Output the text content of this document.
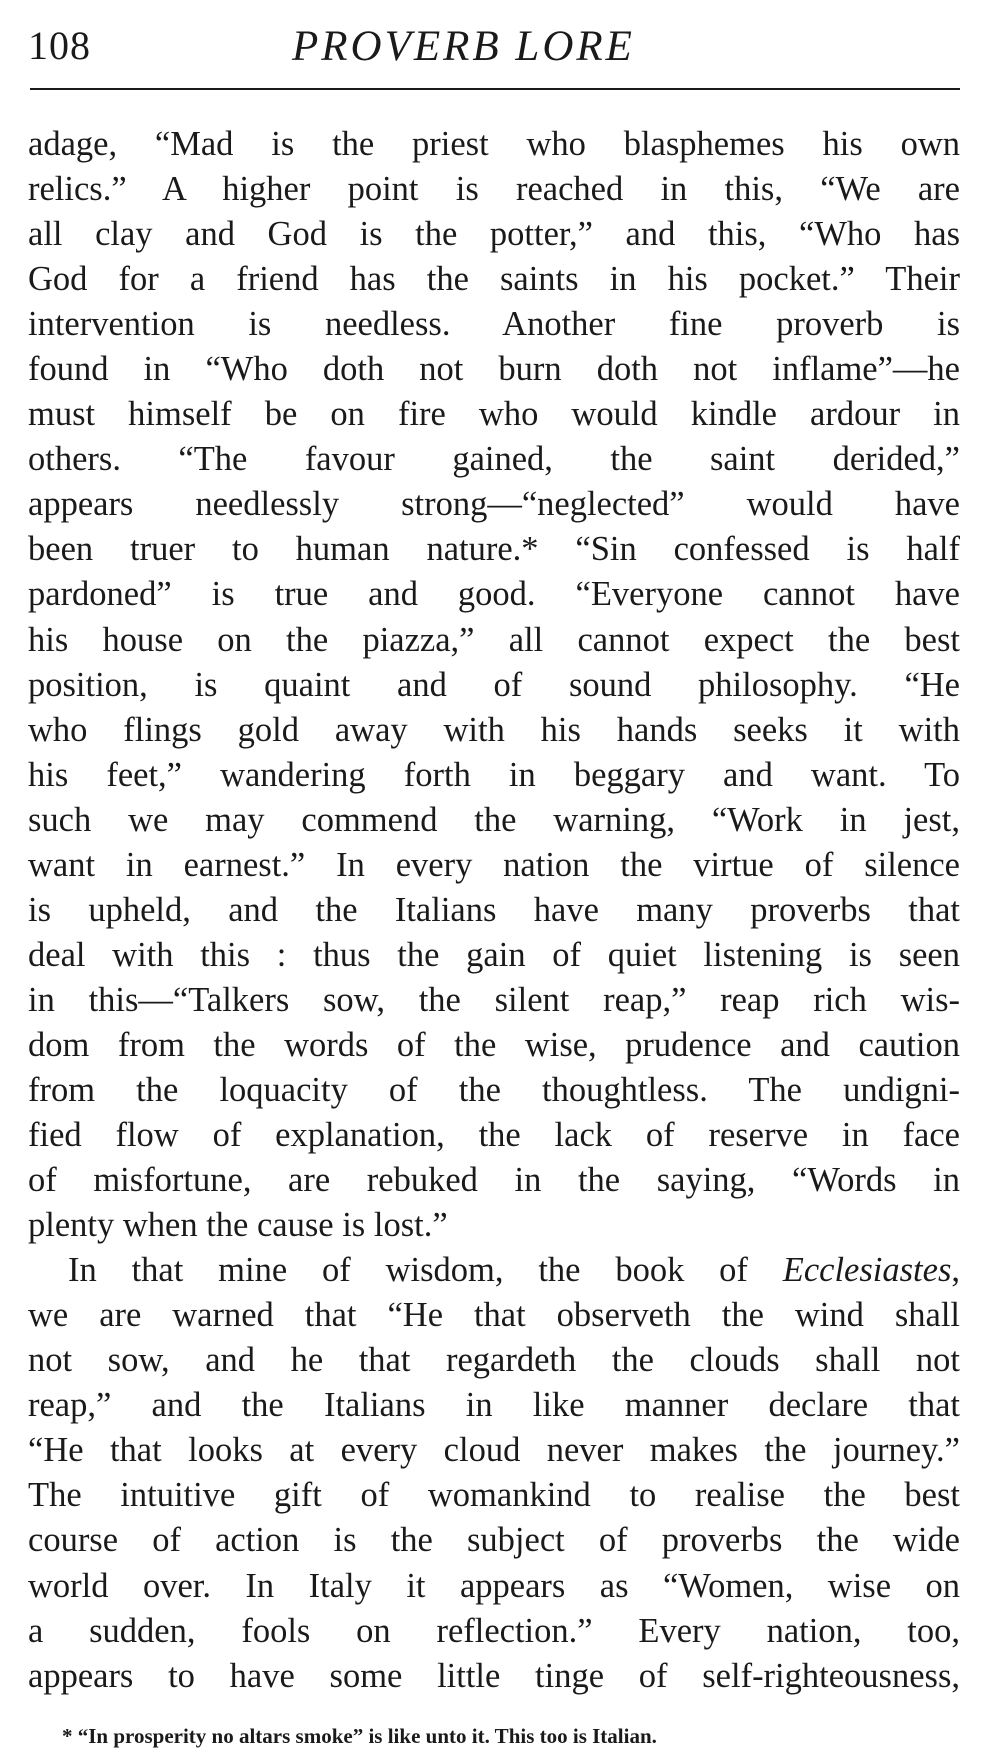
108	PROVERB LORE
adage, “Mad is the priest who blasphemes his own
relics.” A higher point is reached in this, “We are
all clay and God is the potter,” and this, “Who has
God for a friend has the saints in his pocket.” Their
intervention is needless. Another fine proverb is
found in “Who doth not burn doth not inflame”—he
must himself be on fire who would kindle ardour in
others. “The favour gained, the saint derided,”
appears needlessly strong—“neglected” would have
been truer to human nature.* “Sin confessed is half
pardoned” is true and good. “Everyone cannot have
his house on the piazza,” all cannot expect the best
position, is quaint and of sound philosophy. “He
who flings gold away with his hands seeks it with
his feet,” wandering forth in beggary and want. To
such we may commend the warning, “Work in jest,
want in earnest.” In every nation the virtue of silence
is upheld, and the Italians have many proverbs that
deal with this : thus the gain of quiet listening is seen
in this—“Talkers sow, the silent reap,” reap rich wis-
dom from the words of the wise, prudence and caution
from the loquacity of the thoughtless. The undigni-
fied flow of explanation, the lack of reserve in face
of misfortune, are rebuked in the saying, “Words in
plenty when the cause is lost.”
In that mine of wisdom, the book of Ecclesiastes,
we are warned that “He that observeth the wind shall
not sow, and he that regardeth the clouds shall not
reap,” and the Italians in like manner declare that
“He that looks at every cloud never makes the journey.”
The intuitive gift of womankind to realise the best
course of action is the subject of proverbs the wide
world over. In Italy it appears as “Women, wise on
a sudden, fools on reflection.” Every nation, too,
appears to have some little tinge of self-righteousness,
* “In prosperity no altars smoke” is like unto it. This too is Italian.
